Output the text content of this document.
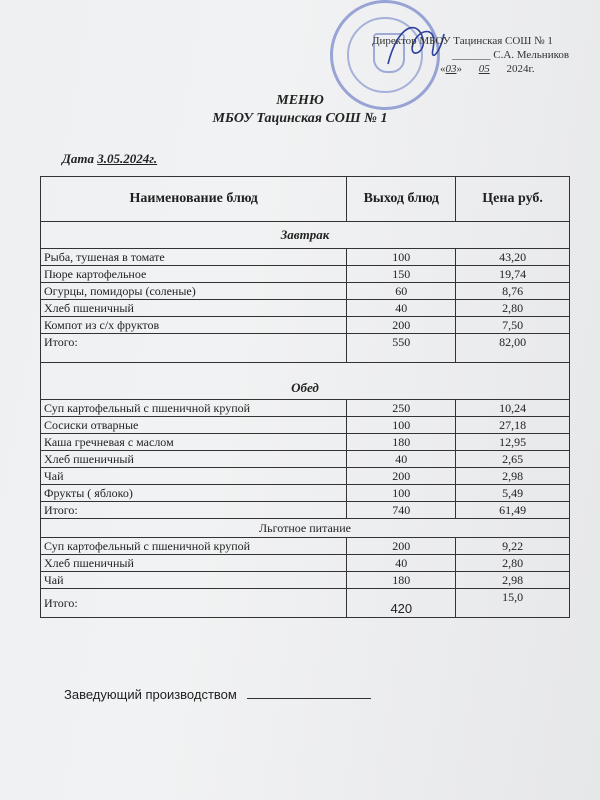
Директор МБОУ Тацинская СОШ № 1
_______ С.А. Мельников
«03» 05 2024г.
МЕНЮ
МБОУ Тацинская СОШ № 1
Дата 3.05.2024г.
Наименование блюд	Выход блюд	Цена руб.
Завтрак		
Рыба, тушеная в томате	100	43,20
Пюре картофельное	150	19,74
Огурцы, помидоры (соленые)	60	8,76
Хлеб пшеничный	40	2,80
Компот из с/х фруктов	200	7,50
Итого:	550	82,00

Обед		
Суп картофельный с пшеничной крупой	250	10,24
Сосиски отварные	100	27,18
Каша гречневая с маслом	180	12,95
Хлеб пшеничный	40	2,65
Чай	200	2,98
Фрукты ( яблоко)	100	5,49
Итого:	740	61,49
Льготное питание		
Суп картофельный с пшеничной крупой	200	9,22
Хлеб пшеничный	40	2,80
Чай	180	2,98
Итого:	420	15,0
Заведующий производством
